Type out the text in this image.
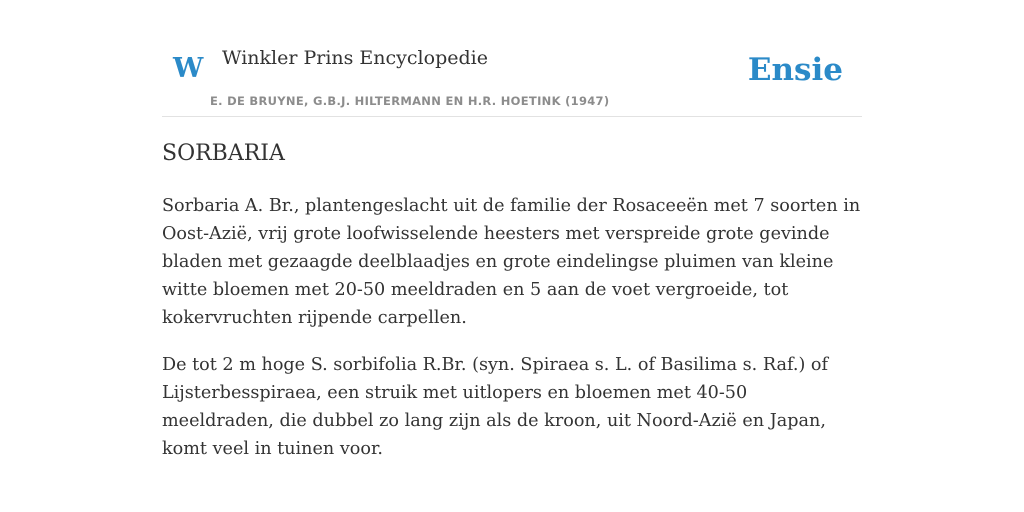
W Winkler Prins Encyclopedie
E. DE BRUYNE, G.B.J. HILTERMANN EN H.R. HOETINK (1947)
Ensie
SORBARIA

Sorbaria A. Br., plantengeslacht uit de familie der Rosaceeën met 7 soorten in Oost-Azië, vrij grote loofwisselende heesters met verspreide grote gevinde bladen met gezaagde deelblaadjes en grote eindelingse pluimen van kleine witte bloemen met 20-50 meeldraden en 5 aan de voet vergroeide, tot kokervruchten rijpende carpellen.

De tot 2 m hoge S. sorbifolia R.Br. (syn. Spiraea s. L. of Basilima s. Raf.) of Lijsterbesspiraea, een struik met uitlopers en bloemen met 40-50 meeldraden, die dubbel zo lang zijn als de kroon, uit Noord-Azië en Japan, komt veel in tuinen voor.
